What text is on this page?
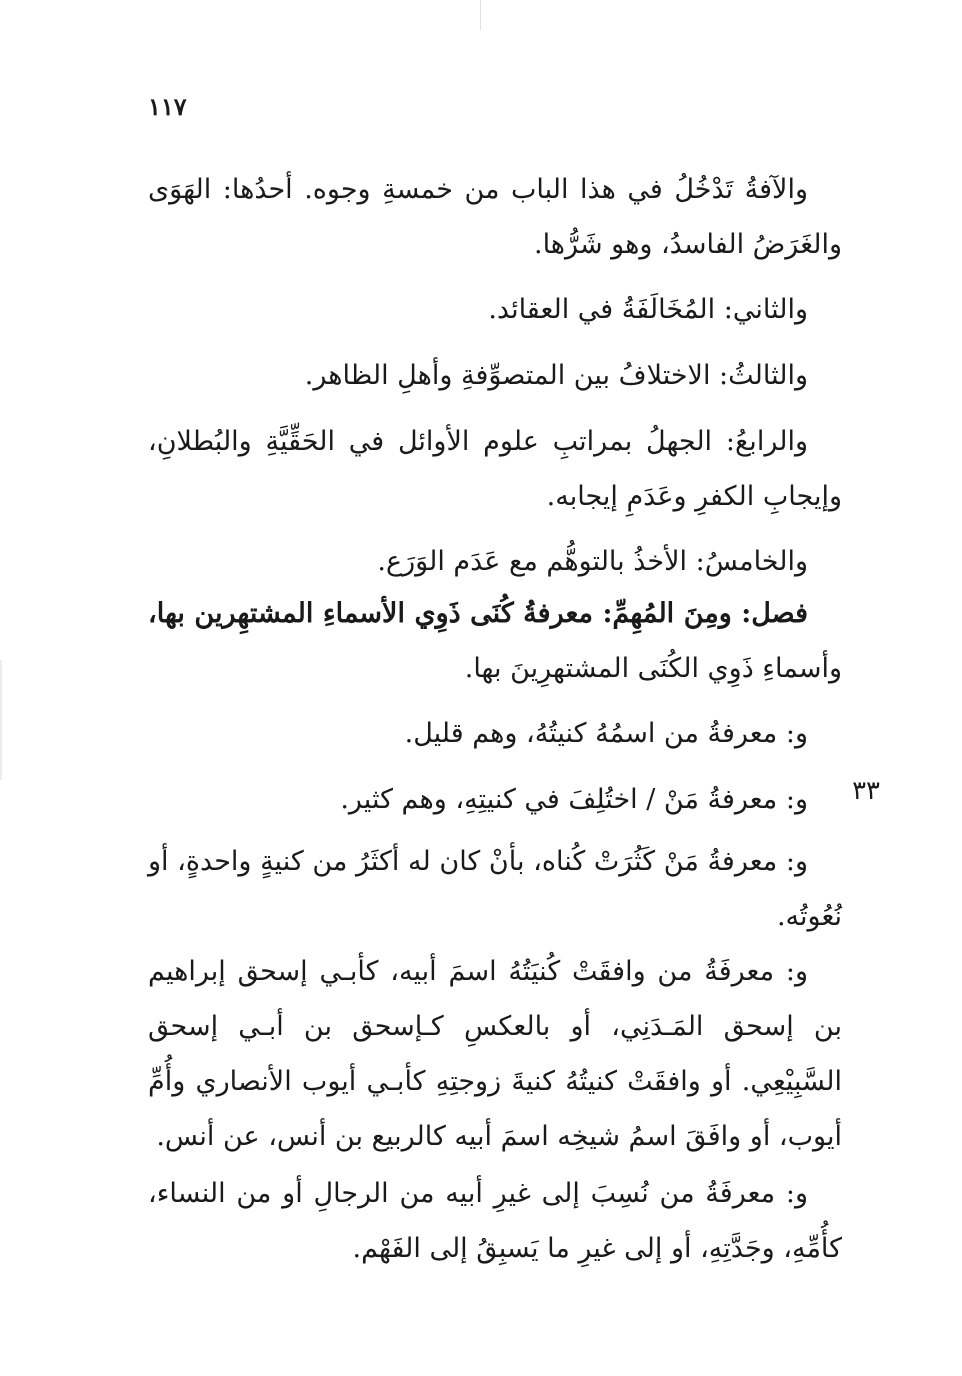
١١٧

والآفةُ تَدْخُلُ في هذا الباب من خمسةِ وجوه. أحدُها: الهَوَى والغَرَضُ الفاسدُ، وهو شَرُّها.

والثاني: المُخَالَفَةُ في العقائد.

والثالثُ: الاختلافُ بين المتصوِّفةِ وأهلِ الظاهر.

والرابعُ: الجهلُ بمراتبِ علوم الأوائل في الحَقِّيَّةِ والبُطلانِ، وإيجابِ الكفرِ وعَدَمِ إيجابه.

والخامسُ: الأخذُ بالتوهُّم مع عَدَم الوَرَع.

فصل: ومِنَ المُهِمِّ: معرفةُ كُنَى ذَوِي الأسماءِ المشتهِرين بها، وأسماءِ ذَوِي الكُنَى المشتهرِينَ بها.

و: معرفةُ من اسمُهُ كنيتُهُ، وهم قليل.

٣٣

و: معرفةُ مَنْ / اختُلِفَ في كنيتِهِ، وهم كثير.

و: معرفةُ مَنْ كَثُرَتْ كُناه، بأنْ كان له أكثَرُ من كنيةٍ واحدةٍ، أو نُعُوتُه.

و: معرفَةُ من وافقَتْ كُنيَتُهُ اسمَ أبيه، كأبـي إسحق إبراهيم بن إسحق المَـدَنِي، أو بالعكسِ كـإسحق بن أبـي إسحق السَّبِيْعِي. أو وافقَتْ كنيتُهُ كنيةَ زوجتِهِ كأبـي أيوب الأنصاري وأُمِّ أيوب، أو وافَقَ اسمُ شيخِه اسمَ أبيه كالربيع بن أنس، عن أنس.

و: معرفَةُ من نُسِبَ إلى غيرِ أبيه من الرجالِ أو من النساء، كأُمِّهِ، وجَدَّتِهِ، أو إلى غيرِ ما يَسبِقُ إلى الفَهْم.
